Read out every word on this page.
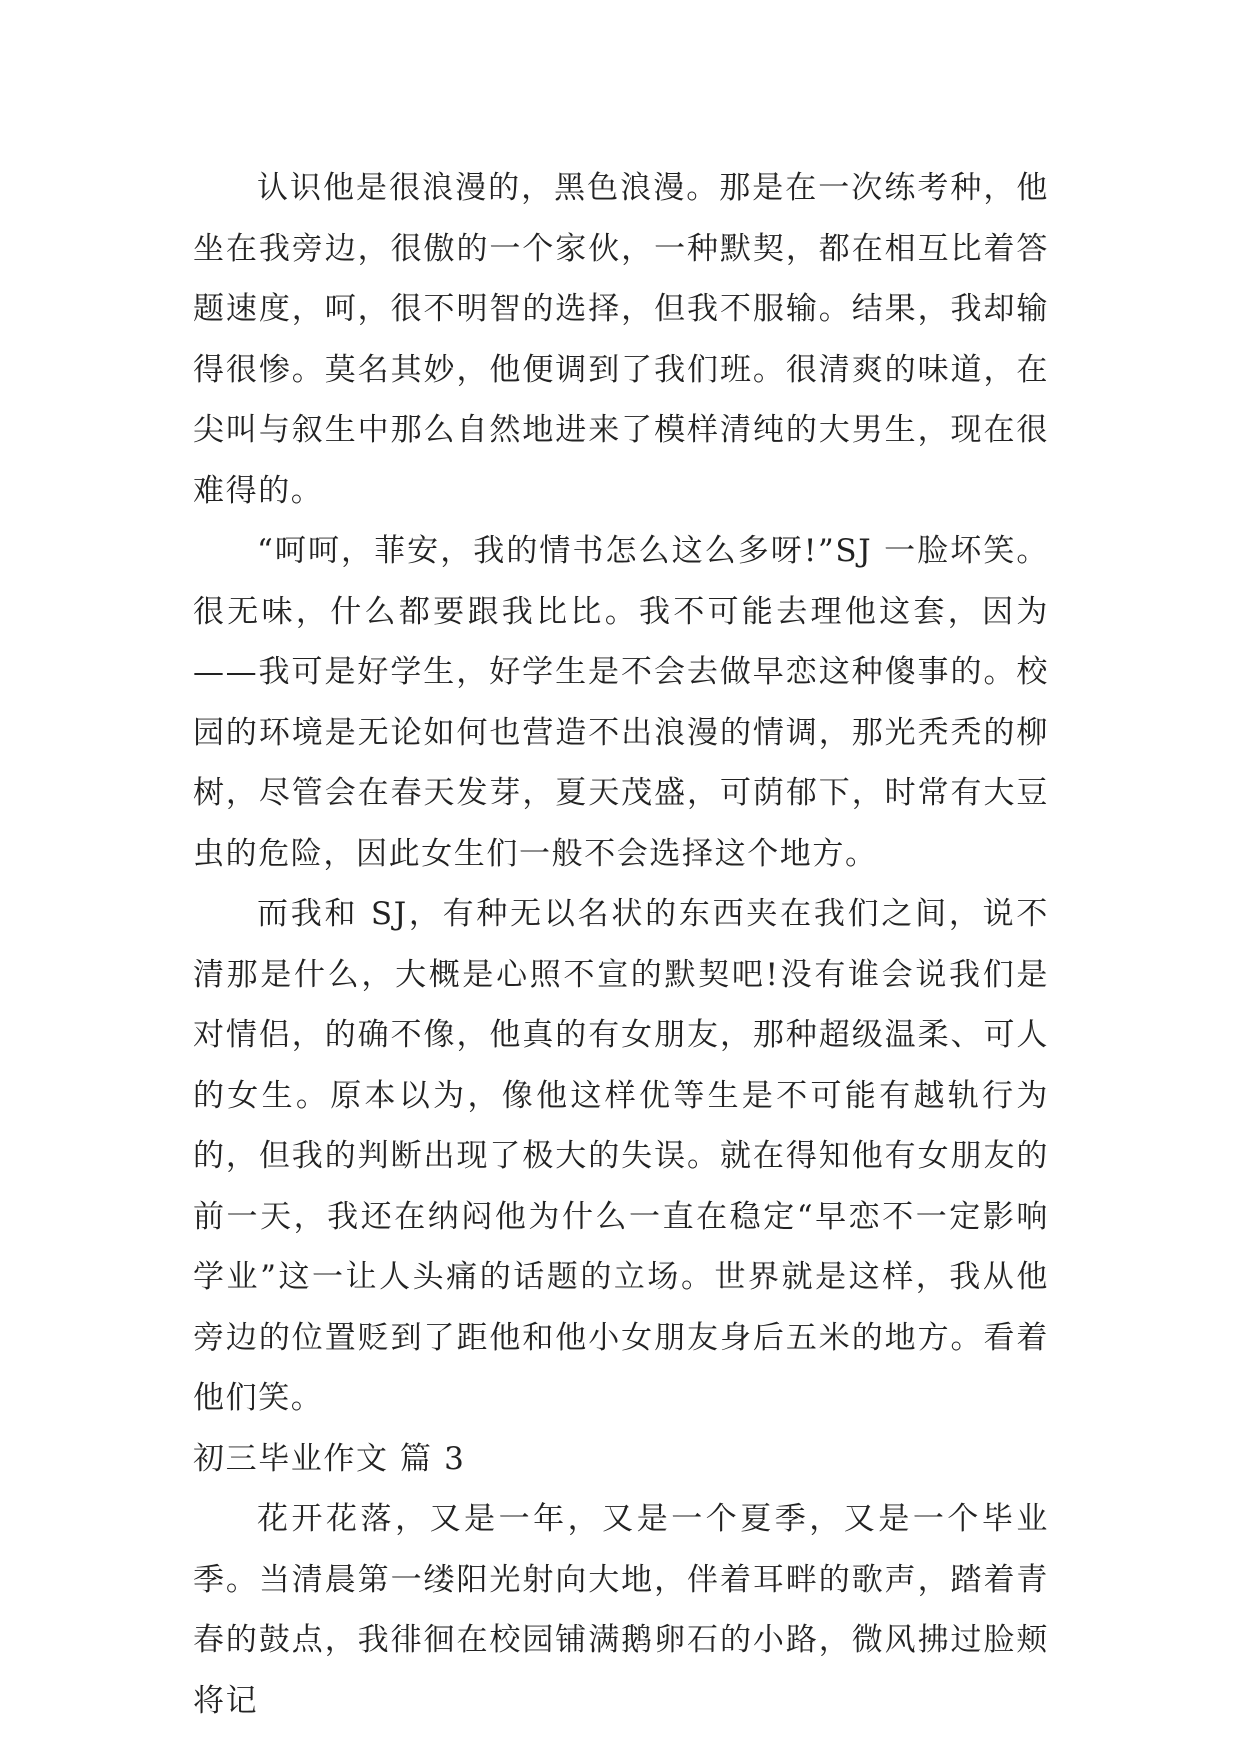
认识他是很浪漫的，黑色浪漫。那是在一次练考种，他坐在我旁边，很傲的一个家伙，一种默契，都在相互比着答题速度，呵，很不明智的选择，但我不服输。结果，我却输得很惨。莫名其妙，他便调到了我们班。很清爽的味道，在尖叫与叙生中那么自然地进来了模样清纯的大男生，现在很难得的。

“呵呵，菲安，我的情书怎么这么多呀!”SJ 一脸坏笑。很无味，什么都要跟我比比。我不可能去理他这套，因为——我可是好学生，好学生是不会去做早恋这种傻事的。校园的环境是无论如何也营造不出浪漫的情调，那光秃秃的柳树，尽管会在春天发芽，夏天茂盛，可荫郁下，时常有大豆虫的危险，因此女生们一般不会选择这个地方。

而我和 SJ，有种无以名状的东西夹在我们之间，说不清那是什么，大概是心照不宣的默契吧!没有谁会说我们是对情侣，的确不像，他真的有女朋友，那种超级温柔、可人的女生。原本以为，像他这样优等生是不可能有越轨行为的，但我的判断出现了极大的失误。就在得知他有女朋友的前一天，我还在纳闷他为什么一直在稳定“早恋不一定影响学业”这一让人头痛的话题的立场。世界就是这样，我从他旁边的位置贬到了距他和他小女朋友身后五米的地方。看着他们笑。

初三毕业作文 篇 3

花开花落，又是一年，又是一个夏季，又是一个毕业季。当清晨第一缕阳光射向大地，伴着耳畔的歌声，踏着青春的鼓点，我徘徊在校园铺满鹅卵石的小路，微风拂过脸颊将记
